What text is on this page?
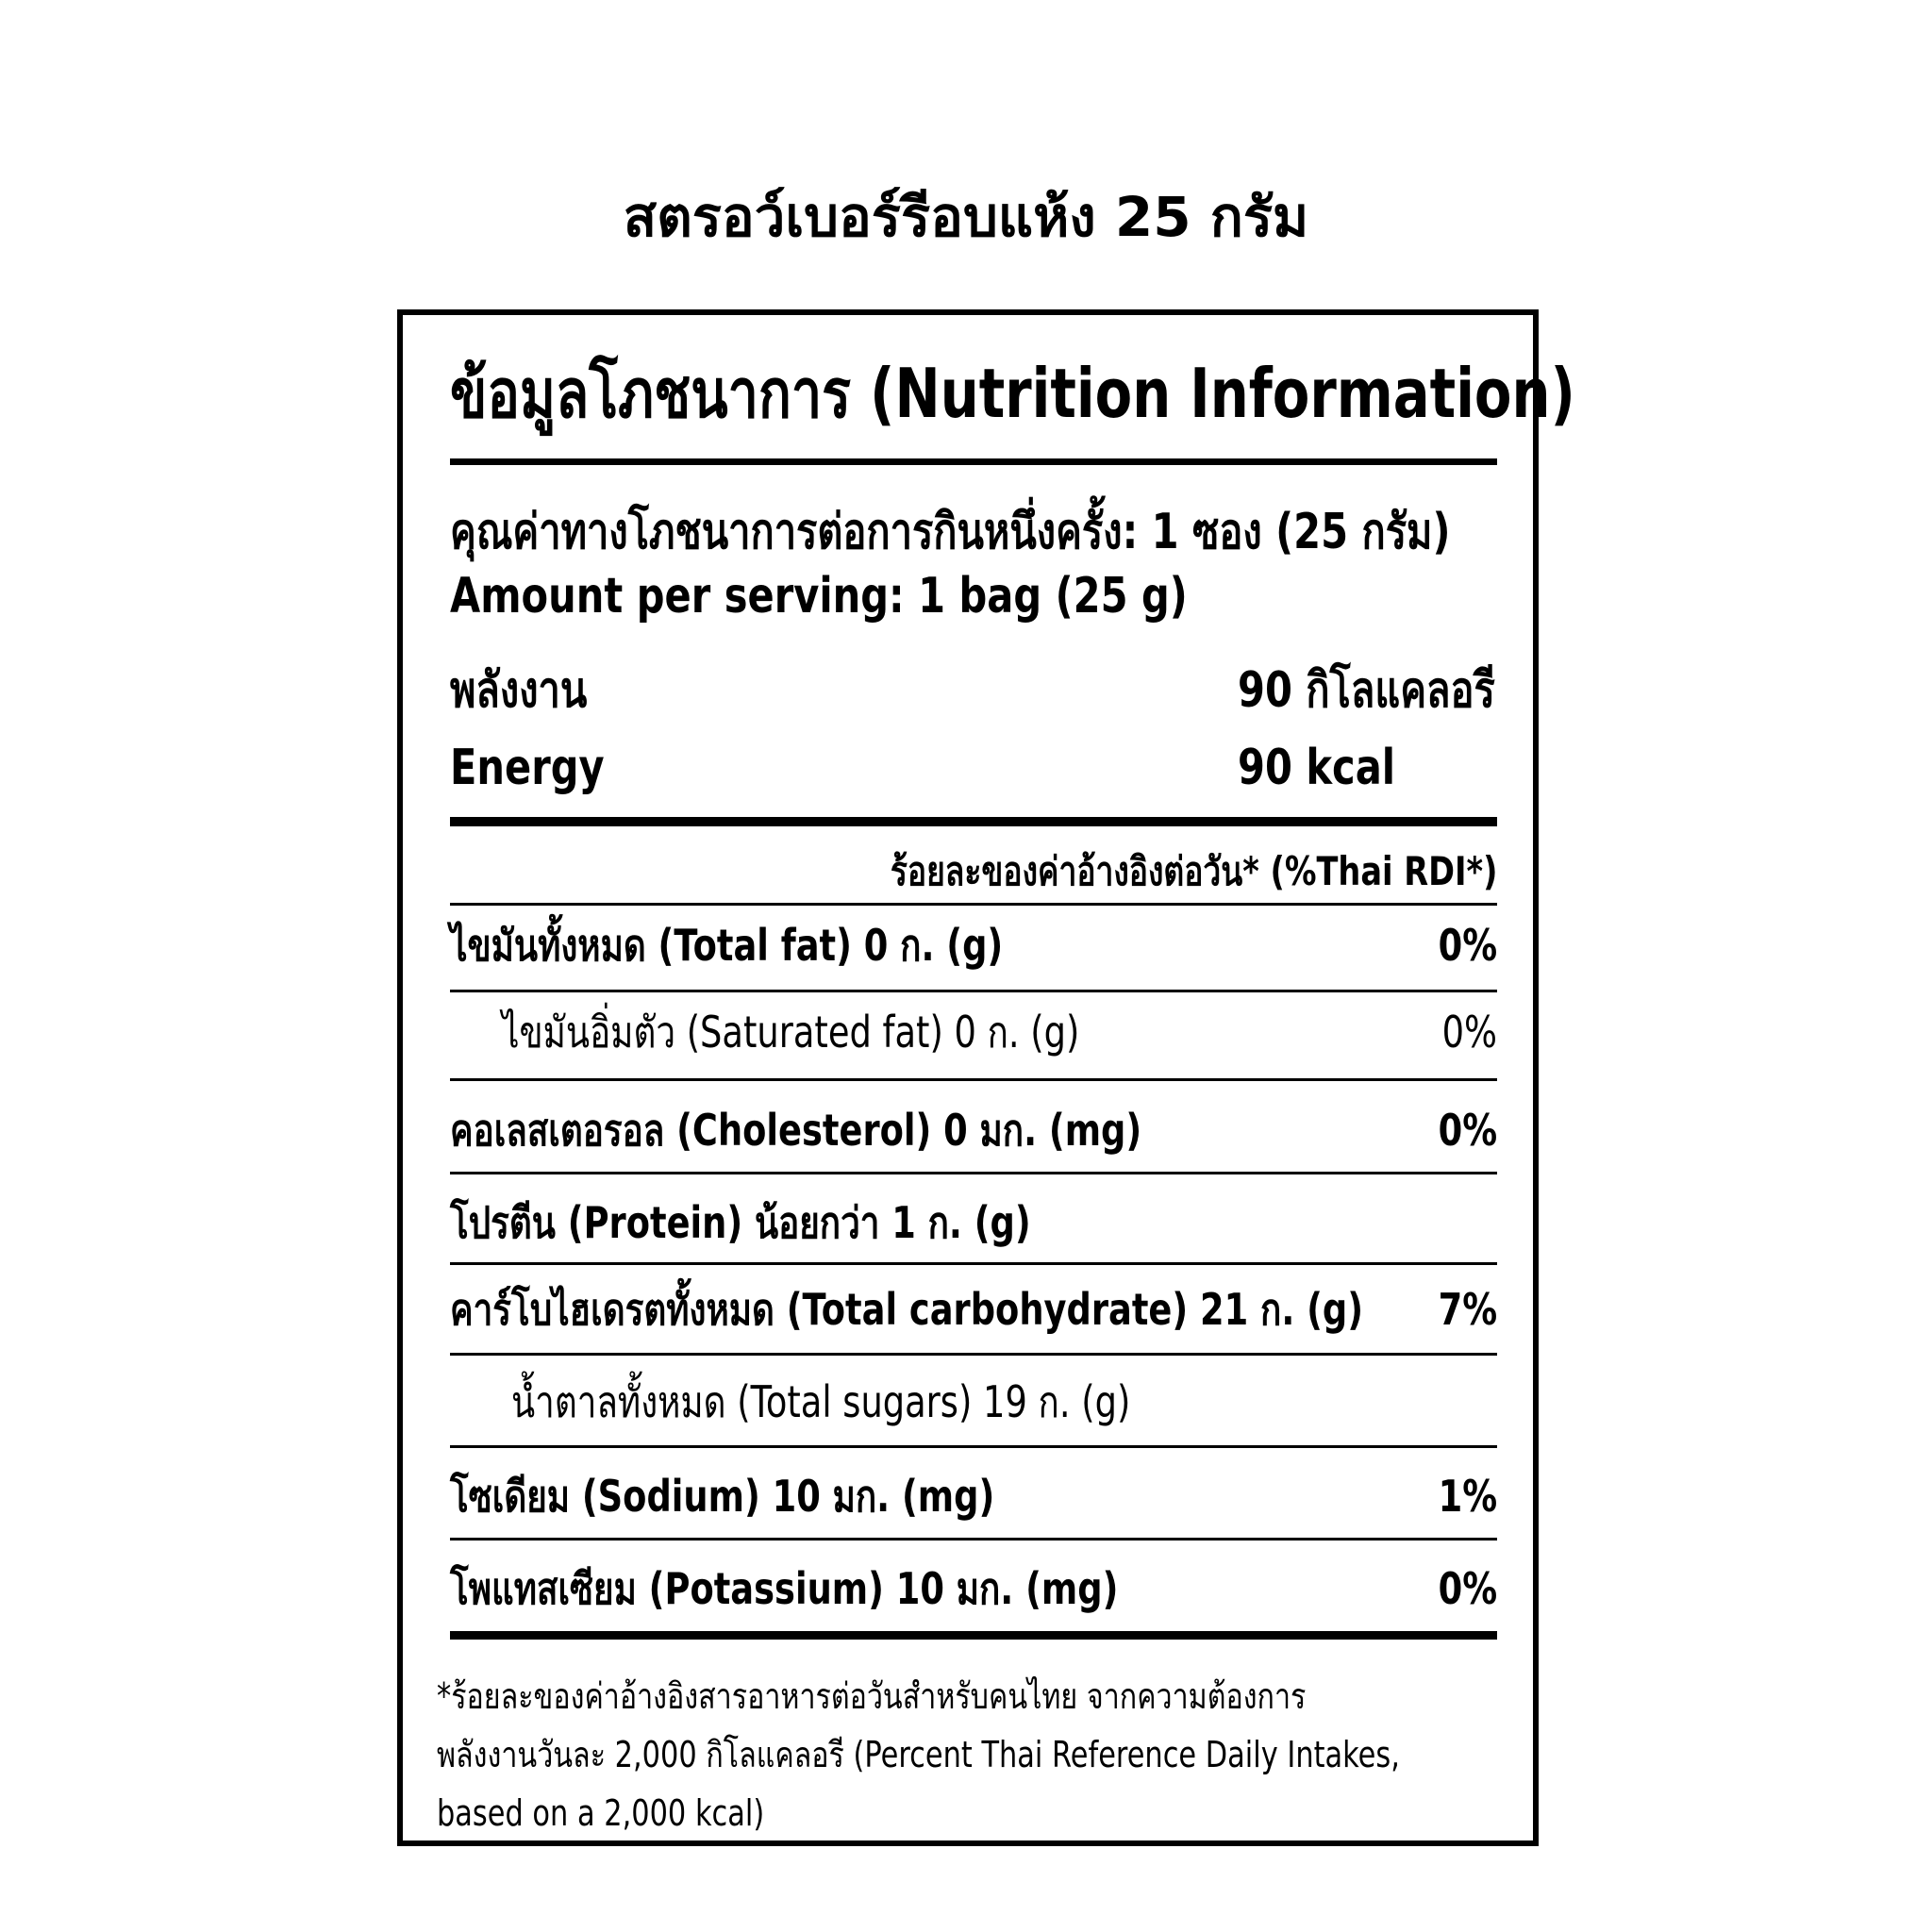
สตรอว์เบอร์รีอบแห้ง 25 กรัม
ข้อมูลโภชนาการ (Nutrition Information)
คุณค่าทางโภชนาการต่อการกินหนึ่งครั้ง: 1 ซอง (25 กรัม)
Amount per serving: 1 bag (25 g)
พลังงาน	90 กิโลแคลอรี
Energy	90 kcal
ร้อยละของค่าอ้างอิงต่อวัน* (%Thai RDI*)
ไขมันทั้งหมด (Total fat) 0 ก. (g)	0%
ไขมันอิ่มตัว (Saturated fat) 0 ก. (g)	0%
คอเลสเตอรอล (Cholesterol) 0 มก. (mg)	0%
โปรตีน (Protein) น้อยกว่า 1 ก. (g)
คาร์โบไฮเดรตทั้งหมด (Total carbohydrate) 21 ก. (g)	7%
น้ำตาลทั้งหมด (Total sugars) 19 ก. (g)
โซเดียม (Sodium) 10 มก. (mg)	1%
โพแทสเซียม (Potassium) 10 มก. (mg)	0%
*ร้อยละของค่าอ้างอิงสารอาหารต่อวันสำหรับคนไทย จากความต้องการ
พลังงานวันละ 2,000 กิโลแคลอรี (Percent Thai Reference Daily Intakes,
based on a 2,000 kcal)
